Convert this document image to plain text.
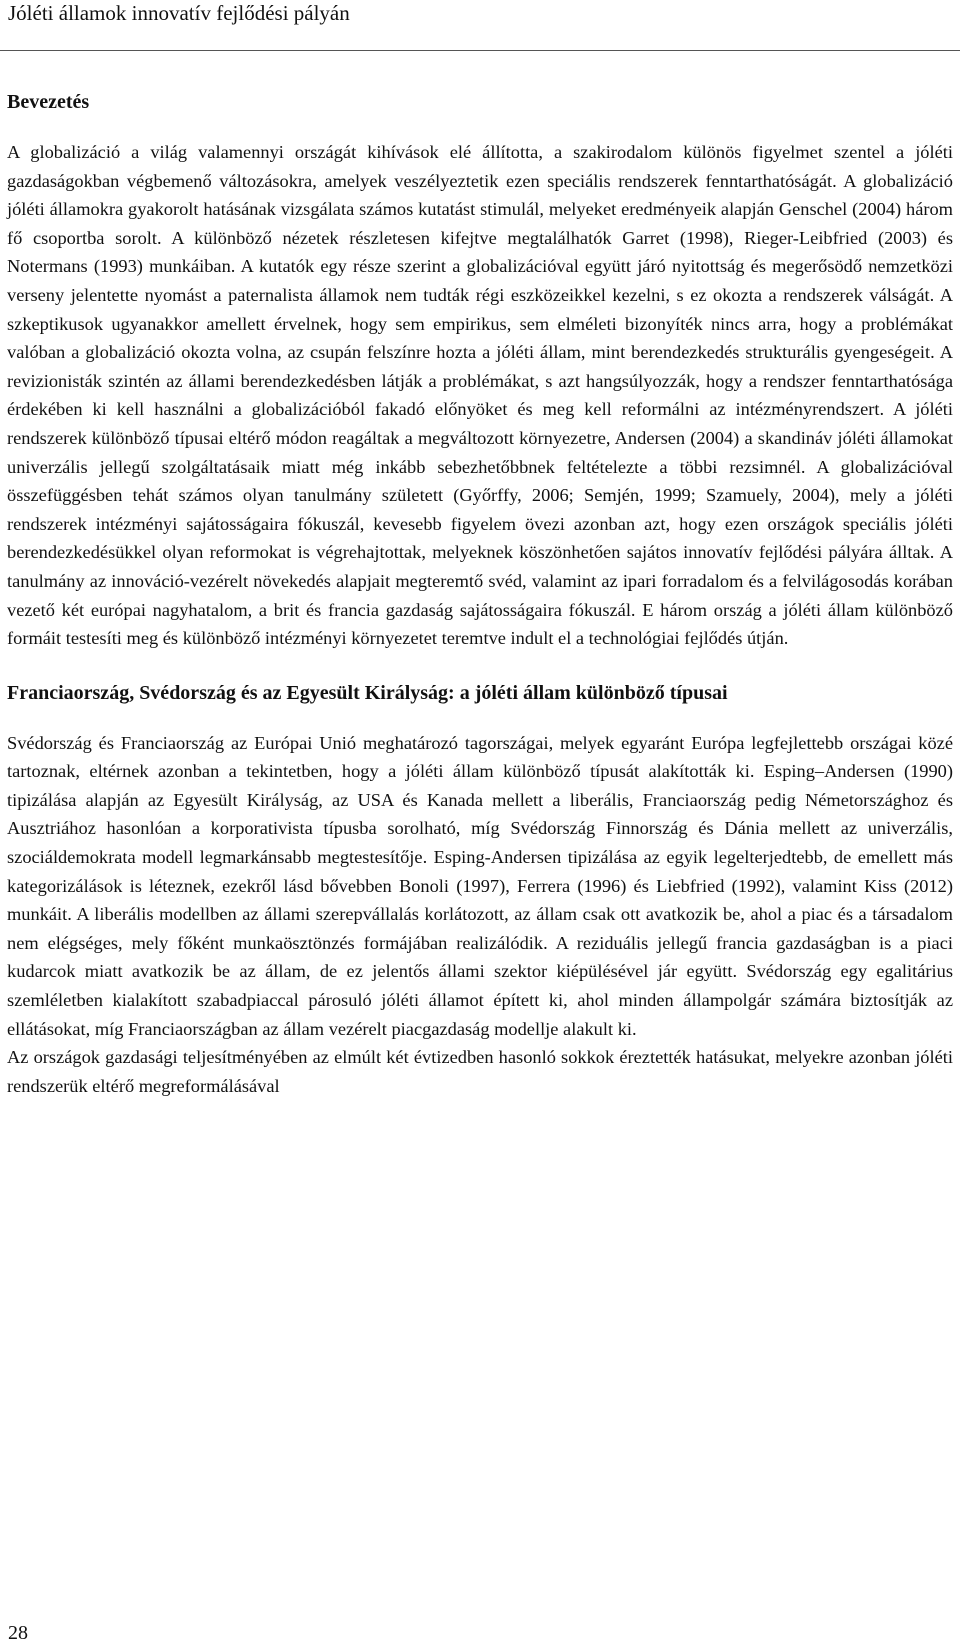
Jóléti államok innovatív fejlődési pályán
Bevezetés

A globalizáció a világ valamennyi országát kihívások elé állította, a szakirodalom különös figyelmet szentel a jóléti gazdaságokban végbemenő változásokra, amelyek veszélyeztetik ezen speciális rendszerek fenntarthatóságát. A globalizáció jóléti államokra gyakorolt hatásának vizsgálata számos kutatást stimulál, melyeket eredményeik alapján Genschel (2004) három fő csoportba sorolt. A különböző nézetek részletesen kifejtve megtalálhatók Garret (1998), Rieger-Leibfried (2003) és Notermans (1993) munkáiban. A kutatók egy része szerint a globalizációval együtt járó nyitottság és megerősödő nemzetközi verseny jelentette nyomást a paternalista államok nem tudták régi eszközeikkel kezelni, s ez okozta a rendszerek válságát. A szkeptikusok ugyanakkor amellett érvelnek, hogy sem empirikus, sem elméleti bizonyíték nincs arra, hogy a problémákat valóban a globalizáció okozta volna, az csupán felszínre hozta a jóléti állam, mint berendezkedés strukturális gyengeségeit. A revizionisták szintén az állami berendezkedésben látják a problémákat, s azt hangsúlyozzák, hogy a rendszer fenntarthatósága érdekében ki kell használni a globalizációból fakadó előnyöket és meg kell reformálni az intézményrendszert. A jóléti rendszerek különböző típusai eltérő módon reagáltak a megváltozott környezetre, Andersen (2004) a skandináv jóléti államokat univerzális jellegű szolgáltatásaik miatt még inkább sebezhetőbbnek feltételezte a többi rezsimnél. A globalizációval összefüggésben tehát számos olyan tanulmány született (Győrffy, 2006; Semjén, 1999; Szamuely, 2004), mely a jóléti rendszerek intézményi sajátosságaira fókuszál, kevesebb figyelem övezi azonban azt, hogy ezen országok speciális jóléti berendezkedésükkel olyan reformokat is végrehajtottak, melyeknek köszönhetően sajátos innovatív fejlődési pályára álltak. A tanulmány az innováció-vezérelt növekedés alapjait megteremtő svéd, valamint az ipari forradalom és a felvilágosodás korában vezető két európai nagyhatalom, a brit és francia gazdaság sajátosságaira fókuszál. E három ország a jóléti állam különböző formáit testesíti meg és különböző intézményi környezetet teremtve indult el a technológiai fejlődés útján.

Franciaország, Svédország és az Egyesült Királyság: a jóléti állam különböző típusai

Svédország és Franciaország az Európai Unió meghatározó tagországai, melyek egyaránt Európa legfejlettebb országai közé tartoznak, eltérnek azonban a tekintetben, hogy a jóléti állam különböző típusát alakították ki. Esping–Andersen (1990) tipizálása alapján az Egyesült Királyság, az USA és Kanada mellett a liberális, Franciaország pedig Németországhoz és Ausztriához hasonlóan a korporativista típusba sorolható, míg Svédország Finnország és Dánia mellett az univerzális, szociáldemokrata modell legmarkánsabb megtestesítője. Esping-Andersen tipizálása az egyik legelterjedtebb, de emellett más kategorizálások is léteznek, ezekről lásd bővebben Bonoli (1997), Ferrera (1996) és Liebfried (1992), valamint Kiss (2012) munkáit. A liberális modellben az állami szerepvállalás korlátozott, az állam csak ott avatkozik be, ahol a piac és a társadalom nem elégséges, mely főként munkaösztönzés formájában realizálódik. A reziduális jellegű francia gazdaságban is a piaci kudarcok miatt avatkozik be az állam, de ez jelentős állami szektor kiépülésével jár együtt. Svédország egy egalitárius szemléletben kialakított szabadpiaccal párosuló jóléti államot épített ki, ahol minden állampolgár számára biztosítják az ellátásokat, míg Franciaországban az állam vezérelt piacgazdaság modellje alakult ki.

Az országok gazdasági teljesítményében az elmúlt két évtizedben hasonló sokkok éreztették hatásukat, melyekre azonban jóléti rendszerük eltérő megreformálásával

28
